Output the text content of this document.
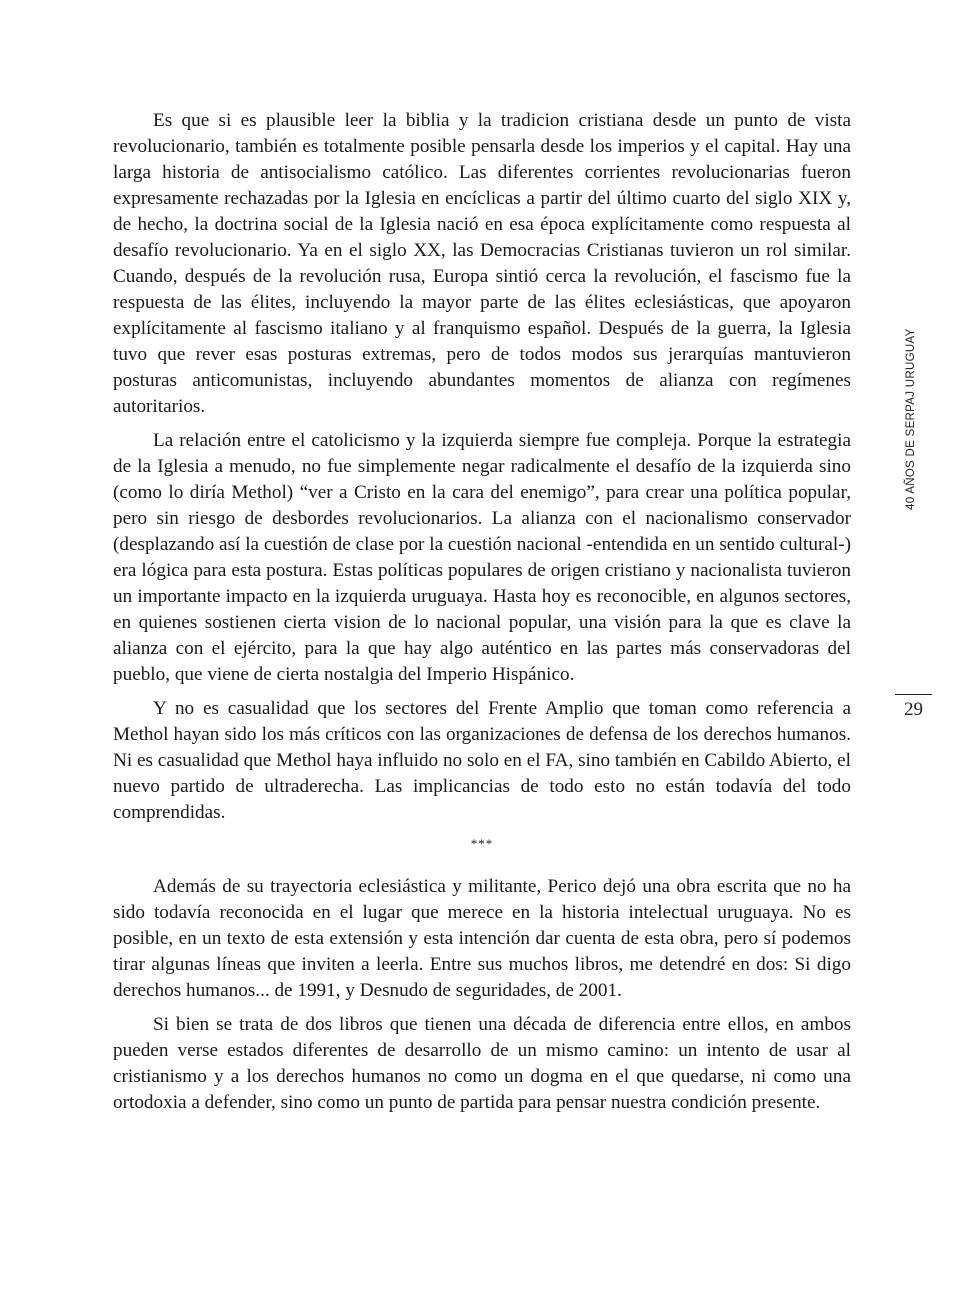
Es que si es plausible leer la biblia y la tradicion cristiana desde un punto de vista revolucionario, también es totalmente posible pensarla desde los imperios y el capital. Hay una larga historia de antisocialismo católico. Las diferentes corrientes revolucionarias fueron expresamente rechazadas por la Iglesia en encíclicas a partir del último cuarto del siglo XIX y, de hecho, la doctrina social de la Iglesia nació en esa época explícitamente como respuesta al desafío revolucionario. Ya en el siglo XX, las Democracias Cristianas tuvieron un rol similar. Cuando, después de la revolución rusa, Europa sintió cerca la revolución, el fascismo fue la respuesta de las élites, incluyendo la mayor parte de las élites eclesiásticas, que apoyaron explícitamente al fascismo italiano y al franquismo español. Después de la guerra, la Iglesia tuvo que rever esas posturas extremas, pero de todos modos sus jerarquías mantuvieron posturas anticomunistas, incluyendo abundantes momentos de alianza con regímenes autoritarios.

La relación entre el catolicismo y la izquierda siempre fue compleja. Porque la estrategia de la Iglesia a menudo, no fue simplemente negar radicalmente el desafío de la izquierda sino (como lo diría Methol) “ver a Cristo en la cara del enemigo”, para crear una política popular, pero sin riesgo de desbordes revolucionarios. La alianza con el nacionalismo conservador (desplazando así la cuestión de clase por la cuestión nacional -entendida en un sentido cultural-) era lógica para esta postura. Estas políticas populares de origen cristiano y nacionalista tuvieron un importante impacto en la izquierda uruguaya. Hasta hoy es reconocible, en algunos sectores, en quienes sostienen cierta vision de lo nacional popular, una visión para la que es clave la alianza con el ejército, para la que hay algo auténtico en las partes más conservadoras del pueblo, que viene de cierta nostalgia del Imperio Hispánico.

Y no es casualidad que los sectores del Frente Amplio que toman como referencia a Methol hayan sido los más críticos con las organizaciones de defensa de los derechos humanos. Ni es casualidad que Methol haya influido no solo en el FA, sino también en Cabildo Abierto, el nuevo partido de ultraderecha. Las implicancias de todo esto no están todavía del todo comprendidas.

***

Además de su trayectoria eclesiástica y militante, Perico dejó una obra escrita que no ha sido todavía reconocida en el lugar que merece en la historia intelectual uruguaya. No es posible, en un texto de esta extensión y esta intención dar cuenta de esta obra, pero sí podemos tirar algunas líneas que inviten a leerla. Entre sus muchos libros, me detendré en dos: Si digo derechos humanos... de 1991, y Desnudo de seguridades, de 2001.

Si bien se trata de dos libros que tienen una década de diferencia entre ellos, en ambos pueden verse estados diferentes de desarrollo de un mismo camino: un intento de usar al cristianismo y a los derechos humanos no como un dogma en el que quedarse, ni como una ortodoxia a defender, sino como un punto de partida para pensar nuestra condición presente.

40 AÑOS DE SERPAJ URUGUAY
29
